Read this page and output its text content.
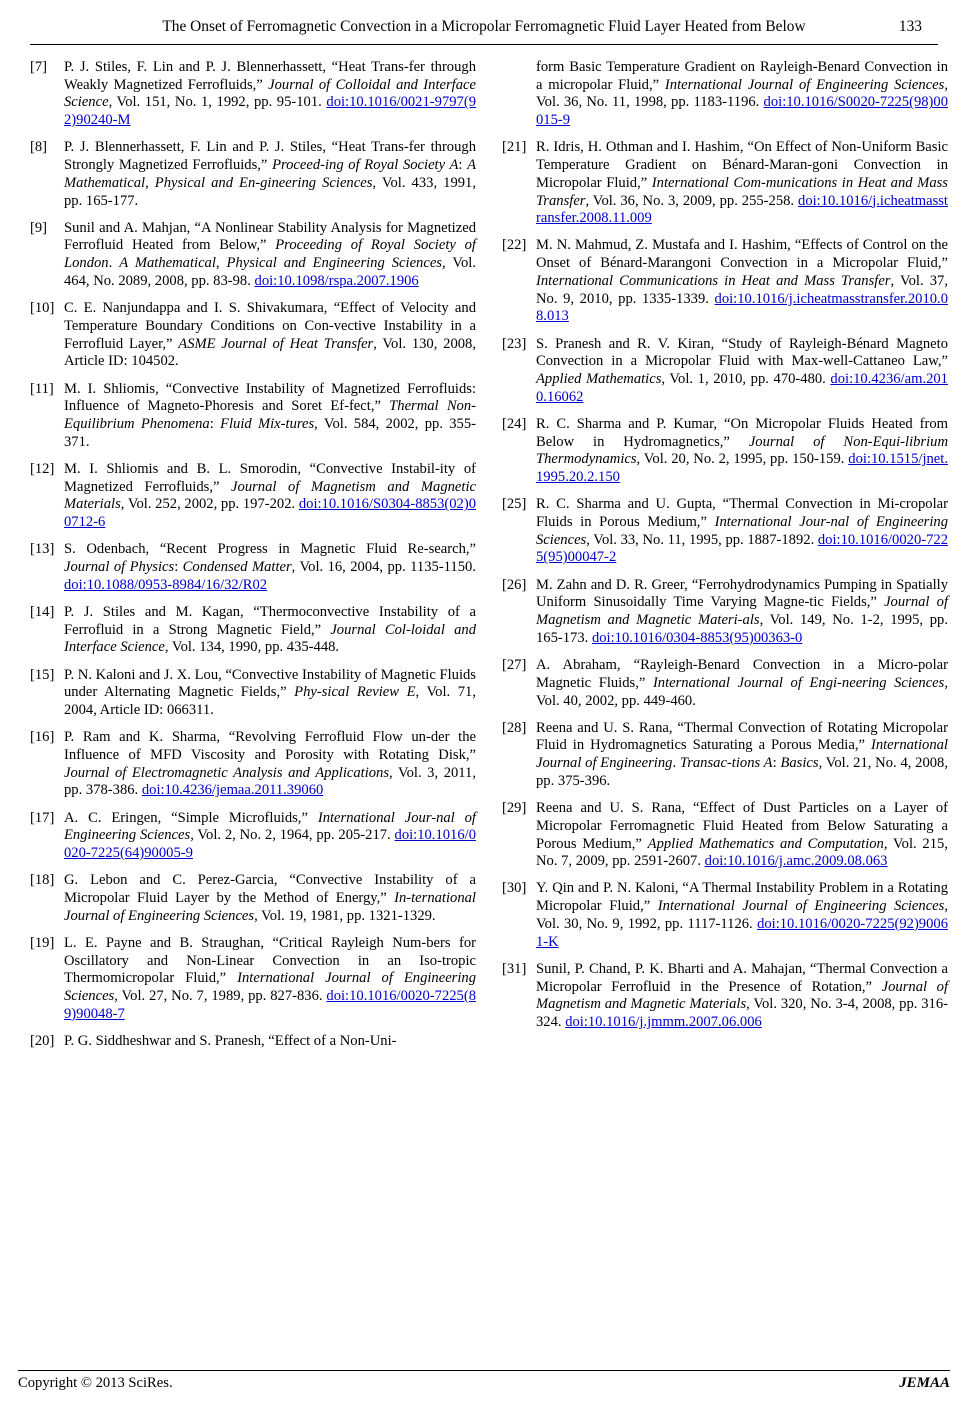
The Onset of Ferromagnetic Convection in a Micropolar Ferromagnetic Fluid Layer Heated from Below	133
[7]	P. J. Stiles, F. Lin and P. J. Blennerhassett, “Heat Trans-fer through Weakly Magnetized Ferrofluids,” Journal of Colloidal and Interface Science, Vol. 151, No. 1, 1992, pp. 95-101. doi:10.1016/0021-9797(92)90240-M
[8]	P. J. Blennerhassett, F. Lin and P. J. Stiles, “Heat Trans-fer through Strongly Magnetized Ferrofluids,” Proceed-ing of Royal Society A: A Mathematical, Physical and En-gineering Sciences, Vol. 433, 1991, pp. 165-177.
[9]	Sunil and A. Mahjan, “A Nonlinear Stability Analysis for Magnetized Ferrofluid Heated from Below,” Proceeding of Royal Society of London. A Mathematical, Physical and Engineering Sciences, Vol. 464, No. 2089, 2008, pp. 83-98. doi:10.1098/rspa.2007.1906
[10] C. E. Nanjundappa and I. S. Shivakumara, “Effect of Velocity and Temperature Boundary Conditions on Con-vective Instability in a Ferrofluid Layer,” ASME Journal of Heat Transfer, Vol. 130, 2008, Article ID: 104502.
[11] M. I. Shliomis, “Convective Instability of Magnetized Ferrofluids: Influence of Magneto-Phoresis and Soret Ef-fect,” Thermal Non-Equilibrium Phenomena: Fluid Mix-tures, Vol. 584, 2002, pp. 355-371.
[12] M. I. Shliomis and B. L. Smorodin, “Convective Instabil-ity of Magnetized Ferrofluids,” Journal of Magnetism and Magnetic Materials, Vol. 252, 2002, pp. 197-202. doi:10.1016/S0304-8853(02)00712-6
[13] S. Odenbach, “Recent Progress in Magnetic Fluid Re-search,” Journal of Physics: Condensed Matter, Vol. 16, 2004, pp. 1135-1150. doi:10.1088/0953-8984/16/32/R02
[14] P. J. Stiles and M. Kagan, “Thermoconvective Instability of a Ferrofluid in a Strong Magnetic Field,” Journal Col-loidal and Interface Science, Vol. 134, 1990, pp. 435-448.
[15] P. N. Kaloni and J. X. Lou, “Convective Instability of Magnetic Fluids under Alternating Magnetic Fields,” Phy-sical Review E, Vol. 71, 2004, Article ID: 066311.
[16] P. Ram and K. Sharma, “Revolving Ferrofluid Flow un-der the Influence of MFD Viscosity and Porosity with Rotating Disk,” Journal of Electromagnetic Analysis and Applications, Vol. 3, 2011, pp. 378-386. doi:10.4236/jemaa.2011.39060
[17] A. C. Eringen, “Simple Microfluids,” International Jour-nal of Engineering Sciences, Vol. 2, No. 2, 1964, pp. 205-217. doi:10.1016/0020-7225(64)90005-9
[18] G. Lebon and C. Perez-Garcia, “Convective Instability of a Micropolar Fluid Layer by the Method of Energy,” In-ternational Journal of Engineering Sciences, Vol. 19, 1981, pp. 1321-1329.
[19] L. E. Payne and B. Straughan, “Critical Rayleigh Num-bers for Oscillatory and Non-Linear Convection in an Iso-tropic Thermomicropolar Fluid,” International Journal of Engineering Sciences, Vol. 27, No. 7, 1989, pp. 827-836. doi:10.1016/0020-7225(89)90048-7
[20] P. G. Siddheshwar and S. Pranesh, “Effect of a Non-Uni-
form Basic Temperature Gradient on Rayleigh-Benard Convection in a micropolar Fluid,” International Journal of Engineering Sciences, Vol. 36, No. 11, 1998, pp. 1183-1196. doi:10.1016/S0020-7225(98)00015-9
[21] R. Idris, H. Othman and I. Hashim, “On Effect of Non-Uniform Basic Temperature Gradient on Bénard-Maran-goni Convection in Micropolar Fluid,” International Com-munications in Heat and Mass Transfer, Vol. 36, No. 3, 2009, pp. 255-258. doi:10.1016/j.icheatmasstransfer.2008.11.009
[22] M. N. Mahmud, Z. Mustafa and I. Hashim, “Effects of Control on the Onset of Bénard-Marangoni Convection in a Micropolar Fluid,” International Communications in Heat and Mass Transfer, Vol. 37, No. 9, 2010, pp. 1335-1339. doi:10.1016/j.icheatmasstransfer.2010.08.013
[23] S. Pranesh and R. V. Kiran, “Study of Rayleigh-Bénard Magneto Convection in a Micropolar Fluid with Max-well-Cattaneo Law,” Applied Mathematics, Vol. 1, 2010, pp. 470-480. doi:10.4236/am.2010.16062
[24] R. C. Sharma and P. Kumar, “On Micropolar Fluids Heated from Below in Hydromagnetics,” Journal of Non-Equi-librium Thermodynamics, Vol. 20, No. 2, 1995, pp. 150-159. doi:10.1515/jnet.1995.20.2.150
[25] R. C. Sharma and U. Gupta, “Thermal Convection in Mi-cropolar Fluids in Porous Medium,” International Jour-nal of Engineering Sciences, Vol. 33, No. 11, 1995, pp. 1887-1892. doi:10.1016/0020-7225(95)00047-2
[26] M. Zahn and D. R. Greer, “Ferrohydrodynamics Pumping in Spatially Uniform Sinusoidally Time Varying Magne-tic Fields,” Journal of Magnetism and Magnetic Materi-als, Vol. 149, No. 1-2, 1995, pp. 165-173. doi:10.1016/0304-8853(95)00363-0
[27] A. Abraham, “Rayleigh-Benard Convection in a Micro-polar Magnetic Fluids,” International Journal of Engi-neering Sciences, Vol. 40, 2002, pp. 449-460.
[28] Reena and U. S. Rana, “Thermal Convection of Rotating Micropolar Fluid in Hydromagnetics Saturating a Porous Media,” International Journal of Engineering. Transac-tions A: Basics, Vol. 21, No. 4, 2008, pp. 375-396.
[29] Reena and U. S. Rana, “Effect of Dust Particles on a Layer of Micropolar Ferromagnetic Fluid Heated from Below Saturating a Porous Medium,” Applied Mathematics and Computation, Vol. 215, No. 7, 2009, pp. 2591-2607. doi:10.1016/j.amc.2009.08.063
[30] Y. Qin and P. N. Kaloni, “A Thermal Instability Problem in a Rotating Micropolar Fluid,” International Journal of Engineering Sciences, Vol. 30, No. 9, 1992, pp. 1117-1126. doi:10.1016/0020-7225(92)90061-K
[31] Sunil, P. Chand, P. K. Bharti and A. Mahajan, “Thermal Convection a Micropolar Ferrofluid in the Presence of Rotation,” Journal of Magnetism and Magnetic Materials, Vol. 320, No. 3-4, 2008, pp. 316-324. doi:10.1016/j.jmmm.2007.06.006
Copyright © 2013 SciRes.	JEMAA
